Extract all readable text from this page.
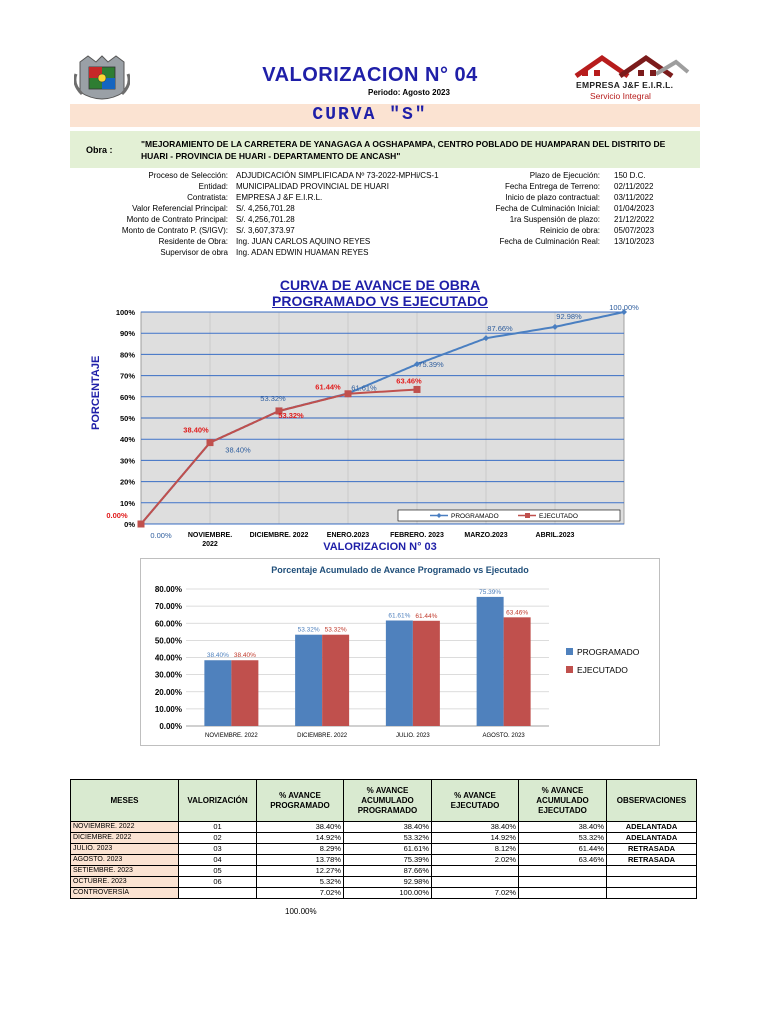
VALORIZACION N° 04
Periodo: Agosto 2023
EMPRESA J&F E.I.R.L.
Servicio Integral
CURVA "S"
Obra :
"MEJORAMIENTO DE LA CARRETERA DE YANAGAGA A OGSHAPAMPA, CENTRO POBLADO DE HUAMPARAN DEL DISTRITO DE HUARI - PROVINCIA DE HUARI - DEPARTAMENTO DE ANCASH"
Proceso de Selección: ADJUDICACIÓN SIMPLIFICADA Nº 73-2022-MPHi/CS-1
Entidad: MUNICIPALIDAD PROVINCIAL DE HUARI
Contratista: EMPRESA J &F E.I.R.L.
Valor Referencial Principal: S/. 4,256,701.28
Monto de Contrato Principal: S/. 4,256,701.28
Monto de Contrato P. (S/IGV): S/. 3,607,373.97
Residente de Obra: Ing. JUAN CARLOS AQUINO REYES
Supervisor de obra Ing. ADAN EDWIN HUAMAN REYES
Plazo de Ejecución: 150 D.C.
Fecha Entrega de Terreno: 02/11/2022
Inicio de plazo contractual: 03/11/2022
Fecha de Culminación Inicial: 01/04/2023
1ra Suspensión de plazo: 21/12/2022
Reinicio de obra: 05/07/2023
Fecha de Culminación Real: 13/10/2023
CURVA DE AVANCE DE OBRA
PROGRAMADO VS EJECUTADO
PORCENTAJE
0%
10%
20%
30%
40%
50%
60%
70%
80%
90%
100%
NOVIEMBRE. 2022
DICIEMBRE. 2022	ENERO.2023	FEBRERO. 2023	MARZO.2023	ABRIL.2023
0.00%
38.40%
53.32%
61.61%
75.39%
87.66%
92.98%
100.00%
0.00%
38.40%
53.32%
61.44%
63.46%
PROGRAMADO	EJECUTADO
VALORIZACION N° 03
Porcentaje Acumulado de Avance Programado vs Ejecutado
0.00%
10.00%
20.00%
30.00%
40.00%
50.00%
60.00%
70.00%
80.00%
38.40% 38.40%
NOVIEMBRE. 2022
53.32% 53.32%
DICIEMBRE. 2022
61.61% 61.44%
JULIO. 2023
75.39%
63.46%
AGOSTO. 2023
PROGRAMADO
EJECUTADO
MESES	VALORIZACIÓN	% AVANCE PROGRAMADO	% AVANCE ACUMULADO PROGRAMADO	% AVANCE EJECUTADO	% AVANCE ACUMULADO EJECUTADO	OBSERVACIONES
NOVIEMBRE. 2022	01	38.40%	38.40%	38.40%	38.40%	ADELANTADA
DICIEMBRE. 2022	02	14.92%	53.32%	14.92%	53.32%	ADELANTADA
JULIO. 2023	03	8.29%	61.61%	8.12%	61.44%	RETRASADA
AGOSTO. 2023	04	13.78%	75.39%	2.02%	63.46%	RETRASADA
SETIEMBRE. 2023	05	12.27%	87.66%			
OCTUBRE. 2023	06	5.32%	92.98%			
CONTROVERSÍA		7.02%	100.00%	7.02%		
100.00%
